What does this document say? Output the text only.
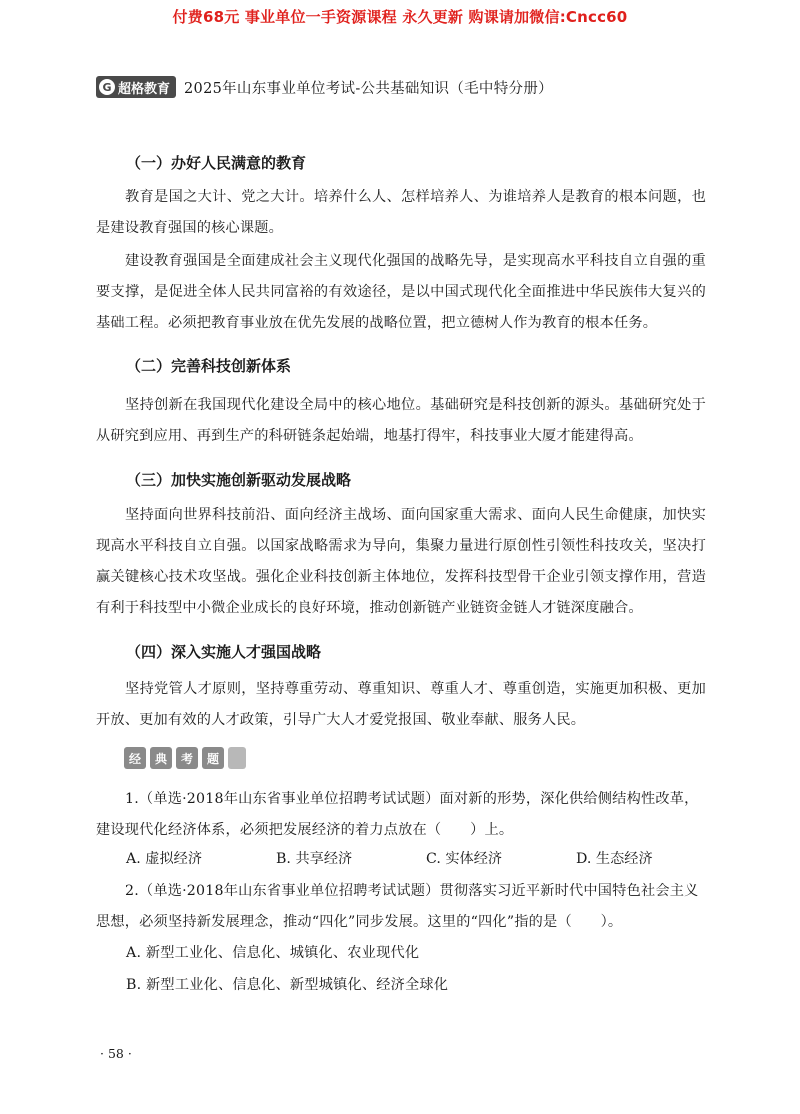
付费68元 事业单位一手资源课程 永久更新 购课请加微信:Cncc60
G 超格教育 2025年山东事业单位考试-公共基础知识（毛中特分册）
（一）办好人民满意的教育

教育是国之大计、党之大计。培养什么人、怎样培养人、为谁培养人是教育的根本问题，也是建设教育强国的核心课题。

建设教育强国是全面建成社会主义现代化强国的战略先导，是实现高水平科技自立自强的重要支撑，是促进全体人民共同富裕的有效途径，是以中国式现代化全面推进中华民族伟大复兴的基础工程。必须把教育事业放在优先发展的战略位置，把立德树人作为教育的根本任务。

（二）完善科技创新体系

坚持创新在我国现代化建设全局中的核心地位。基础研究是科技创新的源头。基础研究处于从研究到应用、再到生产的科研链条起始端，地基打得牢，科技事业大厦才能建得高。

（三）加快实施创新驱动发展战略

坚持面向世界科技前沿、面向经济主战场、面向国家重大需求、面向人民生命健康，加快实现高水平科技自立自强。以国家战略需求为导向，集聚力量进行原创性引领性科技攻关，坚决打赢关键核心技术攻坚战。强化企业科技创新主体地位，发挥科技型骨干企业引领支撑作用，营造有利于科技型中小微企业成长的良好环境，推动创新链产业链资金链人才链深度融合。

（四）深入实施人才强国战略

坚持党管人才原则，坚持尊重劳动、尊重知识、尊重人才、尊重创造，实施更加积极、更加开放、更加有效的人才政策，引导广大人才爱党报国、敬业奉献、服务人民。

经	典	考	题

1.（单选·2018年山东省事业单位招聘考试试题）面对新的形势，深化供给侧结构性改革，建设现代化经济体系，必须把发展经济的着力点放在（　　）上。

A. 虚拟经济	B. 共享经济	C. 实体经济	D. 生态经济

2.（单选·2018年山东省事业单位招聘考试试题）贯彻落实习近平新时代中国特色社会主义思想，必须坚持新发展理念，推动“四化”同步发展。这里的“四化”指的是（　　）。

A. 新型工业化、信息化、城镇化、农业现代化

B. 新型工业化、信息化、新型城镇化、经济全球化

· 58 ·
